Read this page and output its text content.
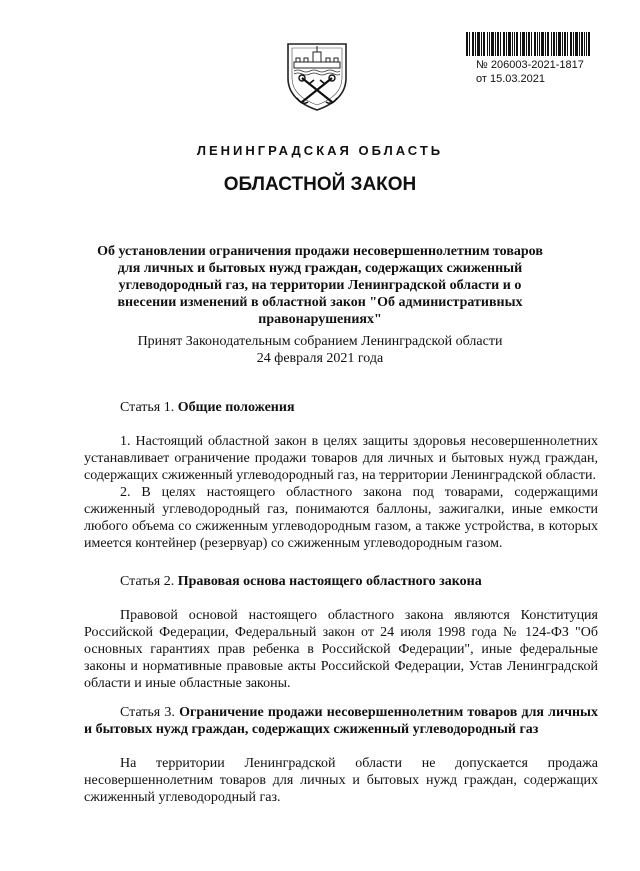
№ 206003-2021-1817
от 15.03.2021
ЛЕНИНГРАДСКАЯ ОБЛАСТЬ
ОБЛАСТНОЙ ЗАКОН
Об установлении ограничения продажи несовершеннолетним товаров для личных и бытовых нужд граждан, содержащих сжиженный углеводородный газ, на территории Ленинградской области и о внесении изменений в областной закон "Об административных правонарушениях"
Принят Законодательным собранием Ленинградской области
24 февраля 2021 года
Статья 1. Общие положения

1. Настоящий областной закон в целях защиты здоровья несовершеннолетних устанавливает ограничение продажи товаров для личных и бытовых нужд граждан, содержащих сжиженный углеводородный газ, на территории Ленинградской области.

2. В целях настоящего областного закона под товарами, содержащими сжиженный углеводородный газ, понимаются баллоны, зажигалки, иные емкости любого объема со сжиженным углеводородным газом, а также устройства, в которых имеется контейнер (резервуар) со сжиженным углеводородным газом.

Статья 2. Правовая основа настоящего областного закона

Правовой основой настоящего областного закона являются Конституция Российской Федерации, Федеральный закон от 24 июля 1998 года № 124-ФЗ "Об основных гарантиях прав ребенка в Российской Федерации", иные федеральные законы и нормативные правовые акты Российской Федерации, Устав Ленинградской области и иные областные законы.

Статья 3. Ограничение продажи несовершеннолетним товаров для личных и бытовых нужд граждан, содержащих сжиженный углеводородный газ

На территории Ленинградской области не допускается продажа несовершеннолетним товаров для личных и бытовых нужд граждан, содержащих сжиженный углеводородный газ.
